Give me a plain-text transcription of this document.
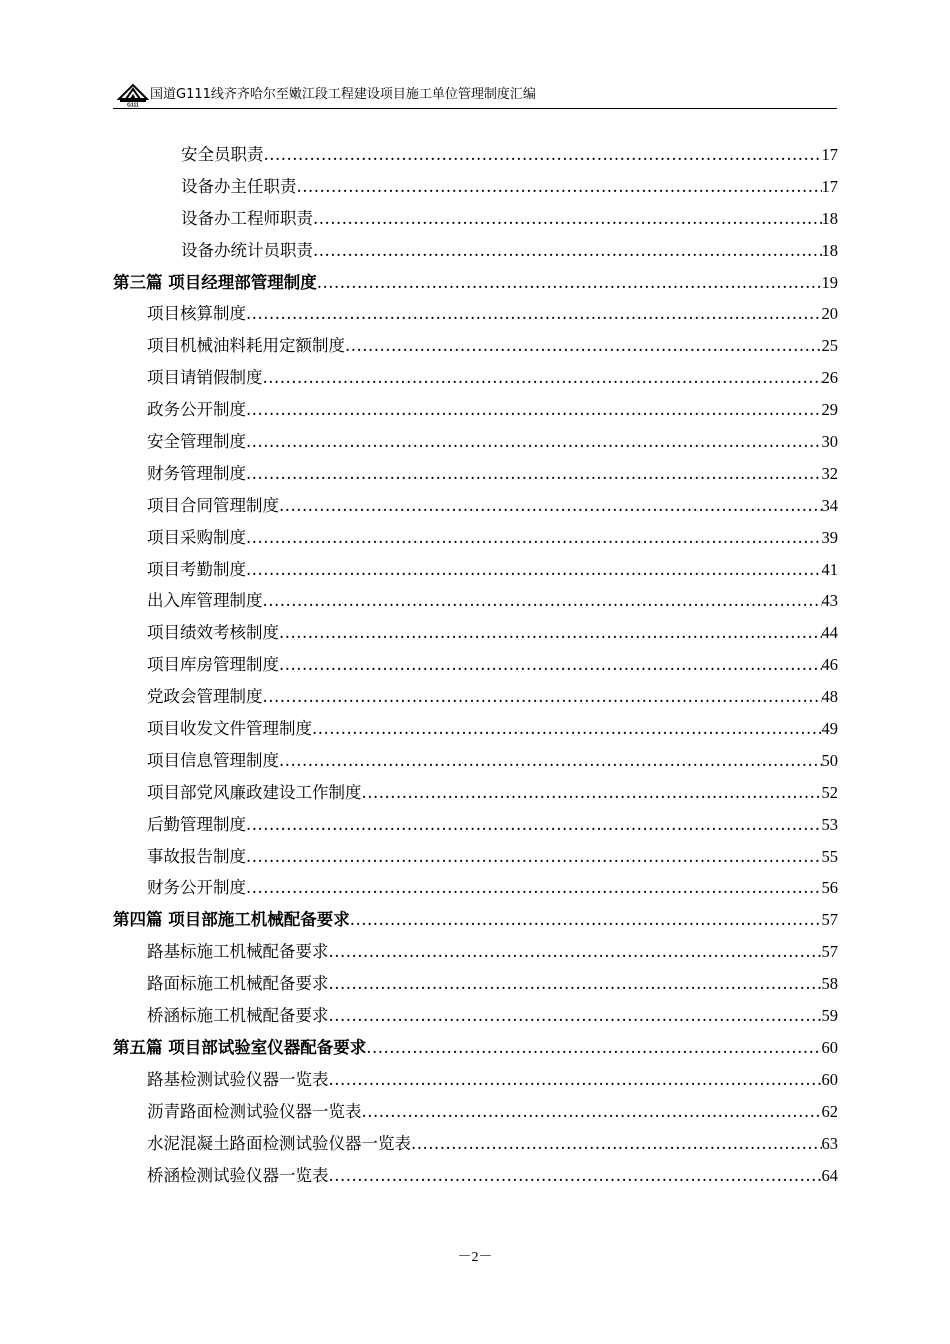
G111
国道G111线齐齐哈尔至嫩江段工程建设项目施工单位管理制度汇编
安全员职责 .....	17
设备办主任职责 .....	17
设备办工程师职责 .....	18
设备办统计员职责 .....	18
第三篇 项目经理部管理制度 .....	19
项目核算制度 .....	20
项目机械油料耗用定额制度 .....	25
项目请销假制度 .....	26
政务公开制度 .....	29
安全管理制度 .....	30
财务管理制度 .....	32
项目合同管理制度 .....	34
项目采购制度 .....	39
项目考勤制度 .....	41
出入库管理制度 .....	43
项目绩效考核制度 .....	44
项目库房管理制度 .....	46
党政会管理制度 .....	48
项目收发文件管理制度 .....	49
项目信息管理制度 .....	50
项目部党风廉政建设工作制度 .....	52
后勤管理制度 .....	53
事故报告制度 .....	55
财务公开制度 .....	56
第四篇 项目部施工机械配备要求 .....	57
路基标施工机械配备要求 .....	57
路面标施工机械配备要求 .....	58
桥涵标施工机械配备要求 .....	59
第五篇 项目部试验室仪器配备要求 .....	60
路基检测试验仪器一览表 .....	60
沥青路面检测试验仪器一览表 .....	62
水泥混凝土路面检测试验仪器一览表 .....	63
桥涵检测试验仪器一览表 .....	64
－2－
